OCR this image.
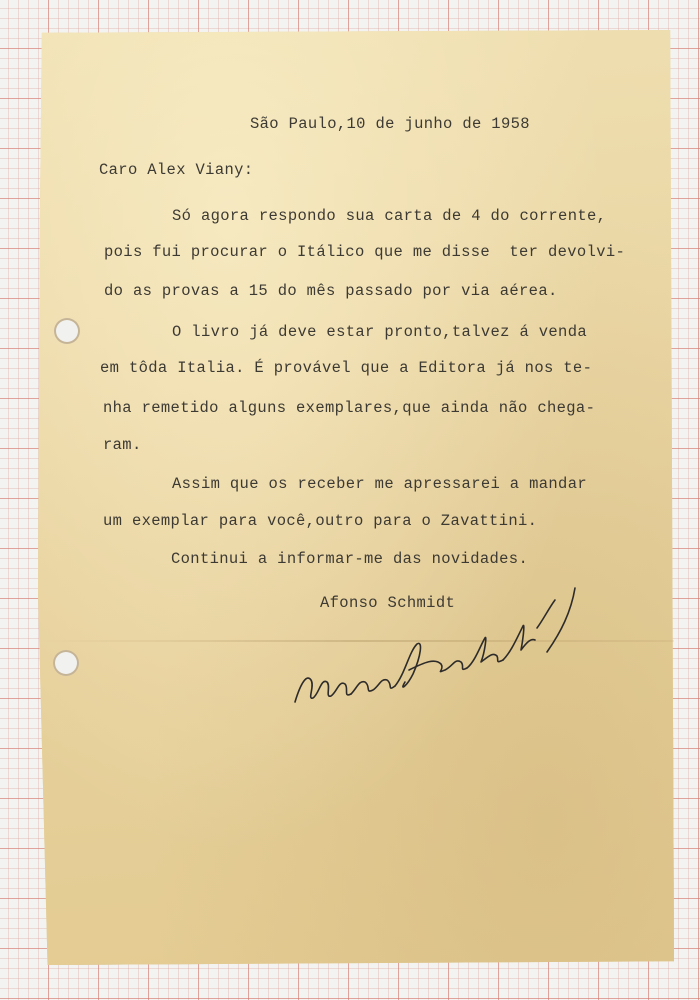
São Paulo,10 de junho de 1958
Caro Alex Viany:
Só agora respondo sua carta de 4 do corrente,
pois fui procurar o Itálico que me disse  ter devolvi-
do as provas a 15 do mês passado por via aérea.
O livro já deve estar pronto,talvez á venda
em tôda Italia. É provável que a Editora já nos te-
nha remetido alguns exemplares,que ainda não chega-
ram.
Assim que os receber me apressarei a mandar
um exemplar para você,outro para o Zavattini.
Continui a informar-me das novidades.
Afonso Schmidt
